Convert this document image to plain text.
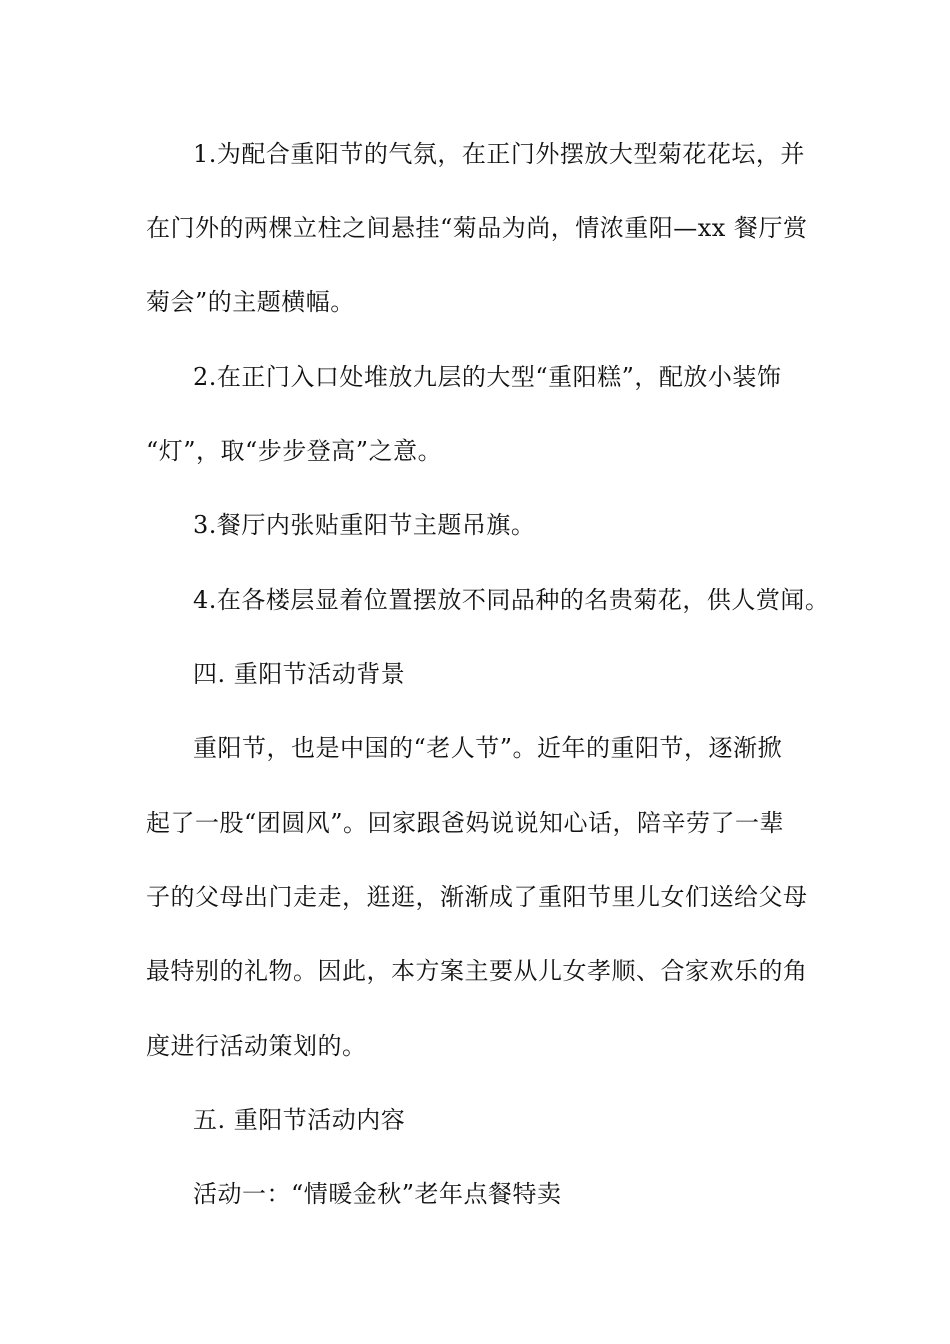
1.为配合重阳节的气氛，在正门外摆放大型菊花花坛，并
在门外的两棵立柱之间悬挂“菊品为尚，情浓重阳—xx 餐厅赏
菊会”的主题横幅。
2.在正门入口处堆放九层的大型“重阳糕”，配放小装饰
“灯”，取“步步登高”之意。
3.餐厅内张贴重阳节主题吊旗。
4.在各楼层显着位置摆放不同品种的名贵菊花，供人赏闻。
四. 重阳节活动背景
重阳节，也是中国的“老人节”。近年的重阳节，逐渐掀
起了一股“团圆风”。回家跟爸妈说说知心话，陪辛劳了一辈
子的父母出门走走，逛逛，渐渐成了重阳节里儿女们送给父母
最特别的礼物。因此，本方案主要从儿女孝顺、合家欢乐的角
度进行活动策划的。
五. 重阳节活动内容
活动一：“情暖金秋”老年点餐特卖
